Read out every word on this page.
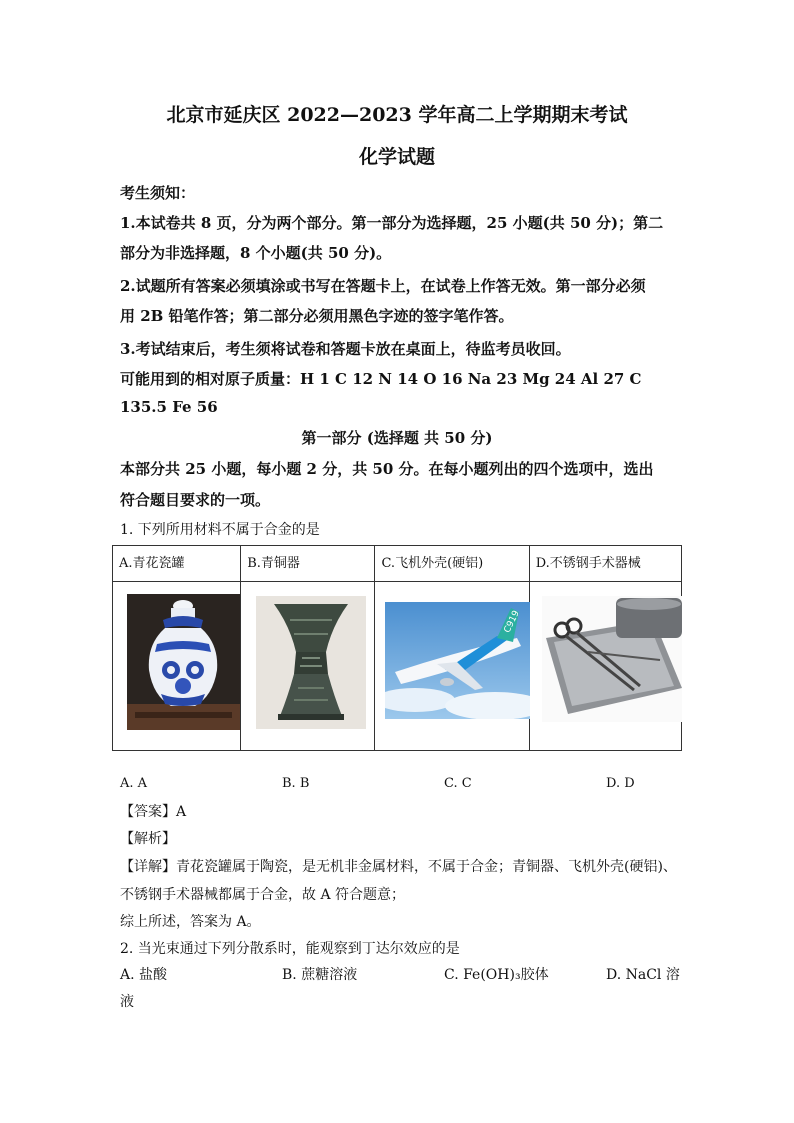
北京市延庆区 2022—2023 学年高二上学期期末考试
化学试题
考生须知：
1.本试卷共 8 页，分为两个部分。第一部分为选择题，25 小题(共 50 分)；第二
部分为非选择题，8 个小题(共 50 分)。
2.试题所有答案必须填涂或书写在答题卡上，在试卷上作答无效。第一部分必须
用 2B 铅笔作答；第二部分必须用黑色字迹的签字笔作答。
3.考试结束后，考生须将试卷和答题卡放在桌面上，待监考员收回。
可能用到的相对原子质量：H 1 C 12 N 14 O 16 Na 23 Mg 24 Al 27 C
135.5 Fe 56
第一部分 (选择题 共 50 分)
本部分共 25 小题，每小题 2 分，共 50 分。在每小题列出的四个选项中，选出
符合题目要求的一项。
1. 下列所用材料不属于合金的是
A.青花瓷罐	B.青铜器	C.飞机外壳(硬铝)	D.不锈钢手术器械

C919

A. A	B. B	C. C	D. D
【答案】A
【解析】
【详解】青花瓷罐属于陶瓷，是无机非金属材料，不属于合金；青铜器、飞机外壳(硬铝)、
不锈钢手术器械都属于合金，故 A 符合题意；
综上所述，答案为 A。
2. 当光束通过下列分散系时，能观察到丁达尔效应的是
A. 盐酸	B. 蔗糖溶液	C. Fe(OH)₃胶体	D. NaCl 溶
液
